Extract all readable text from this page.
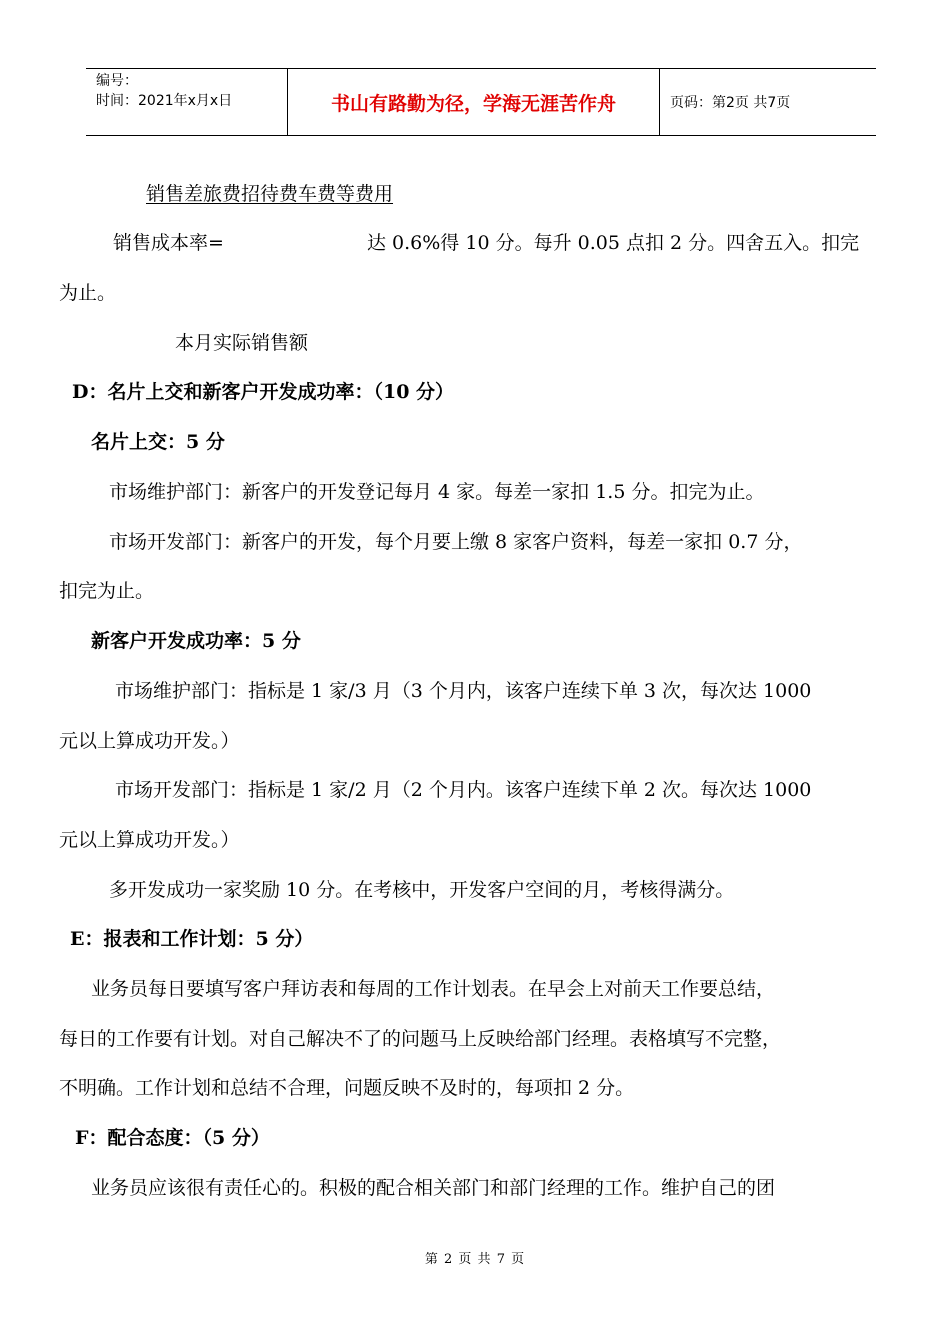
编号：
时间：2021年x月x日	书山有路勤为径，学海无涯苦作舟	页码：第2页 共7页
销售差旅费招待费车费等费用
销售成本率=	达 0.6%得 10 分。每升 0.05 点扣 2 分。四舍五入。扣完
为止。
本月实际销售额
D：名片上交和新客户开发成功率：（10 分）
名片上交：5 分
市场维护部门：新客户的开发登记每月 4 家。每差一家扣 1.5 分。扣完为止。
市场开发部门：新客户的开发，每个月要上缴 8 家客户资料，每差一家扣 0.7 分，
扣完为止。
新客户开发成功率：5 分
市场维护部门：指标是 1 家/3 月（3 个月内，该客户连续下单 3 次，每次达 1000
元以上算成功开发。）
市场开发部门：指标是 1 家/2 月（2 个月内。该客户连续下单 2 次。每次达 1000
元以上算成功开发。）
多开发成功一家奖励 10 分。在考核中，开发客户空间的月，考核得满分。
E：报表和工作计划：5 分）
业务员每日要填写客户拜访表和每周的工作计划表。在早会上对前天工作要总结，
每日的工作要有计划。对自己解决不了的问题马上反映给部门经理。表格填写不完整，
不明确。工作计划和总结不合理，问题反映不及时的，每项扣 2 分。
F：配合态度：（5 分）
业务员应该很有责任心的。积极的配合相关部门和部门经理的工作。维护自己的团
第 2 页 共 7 页
